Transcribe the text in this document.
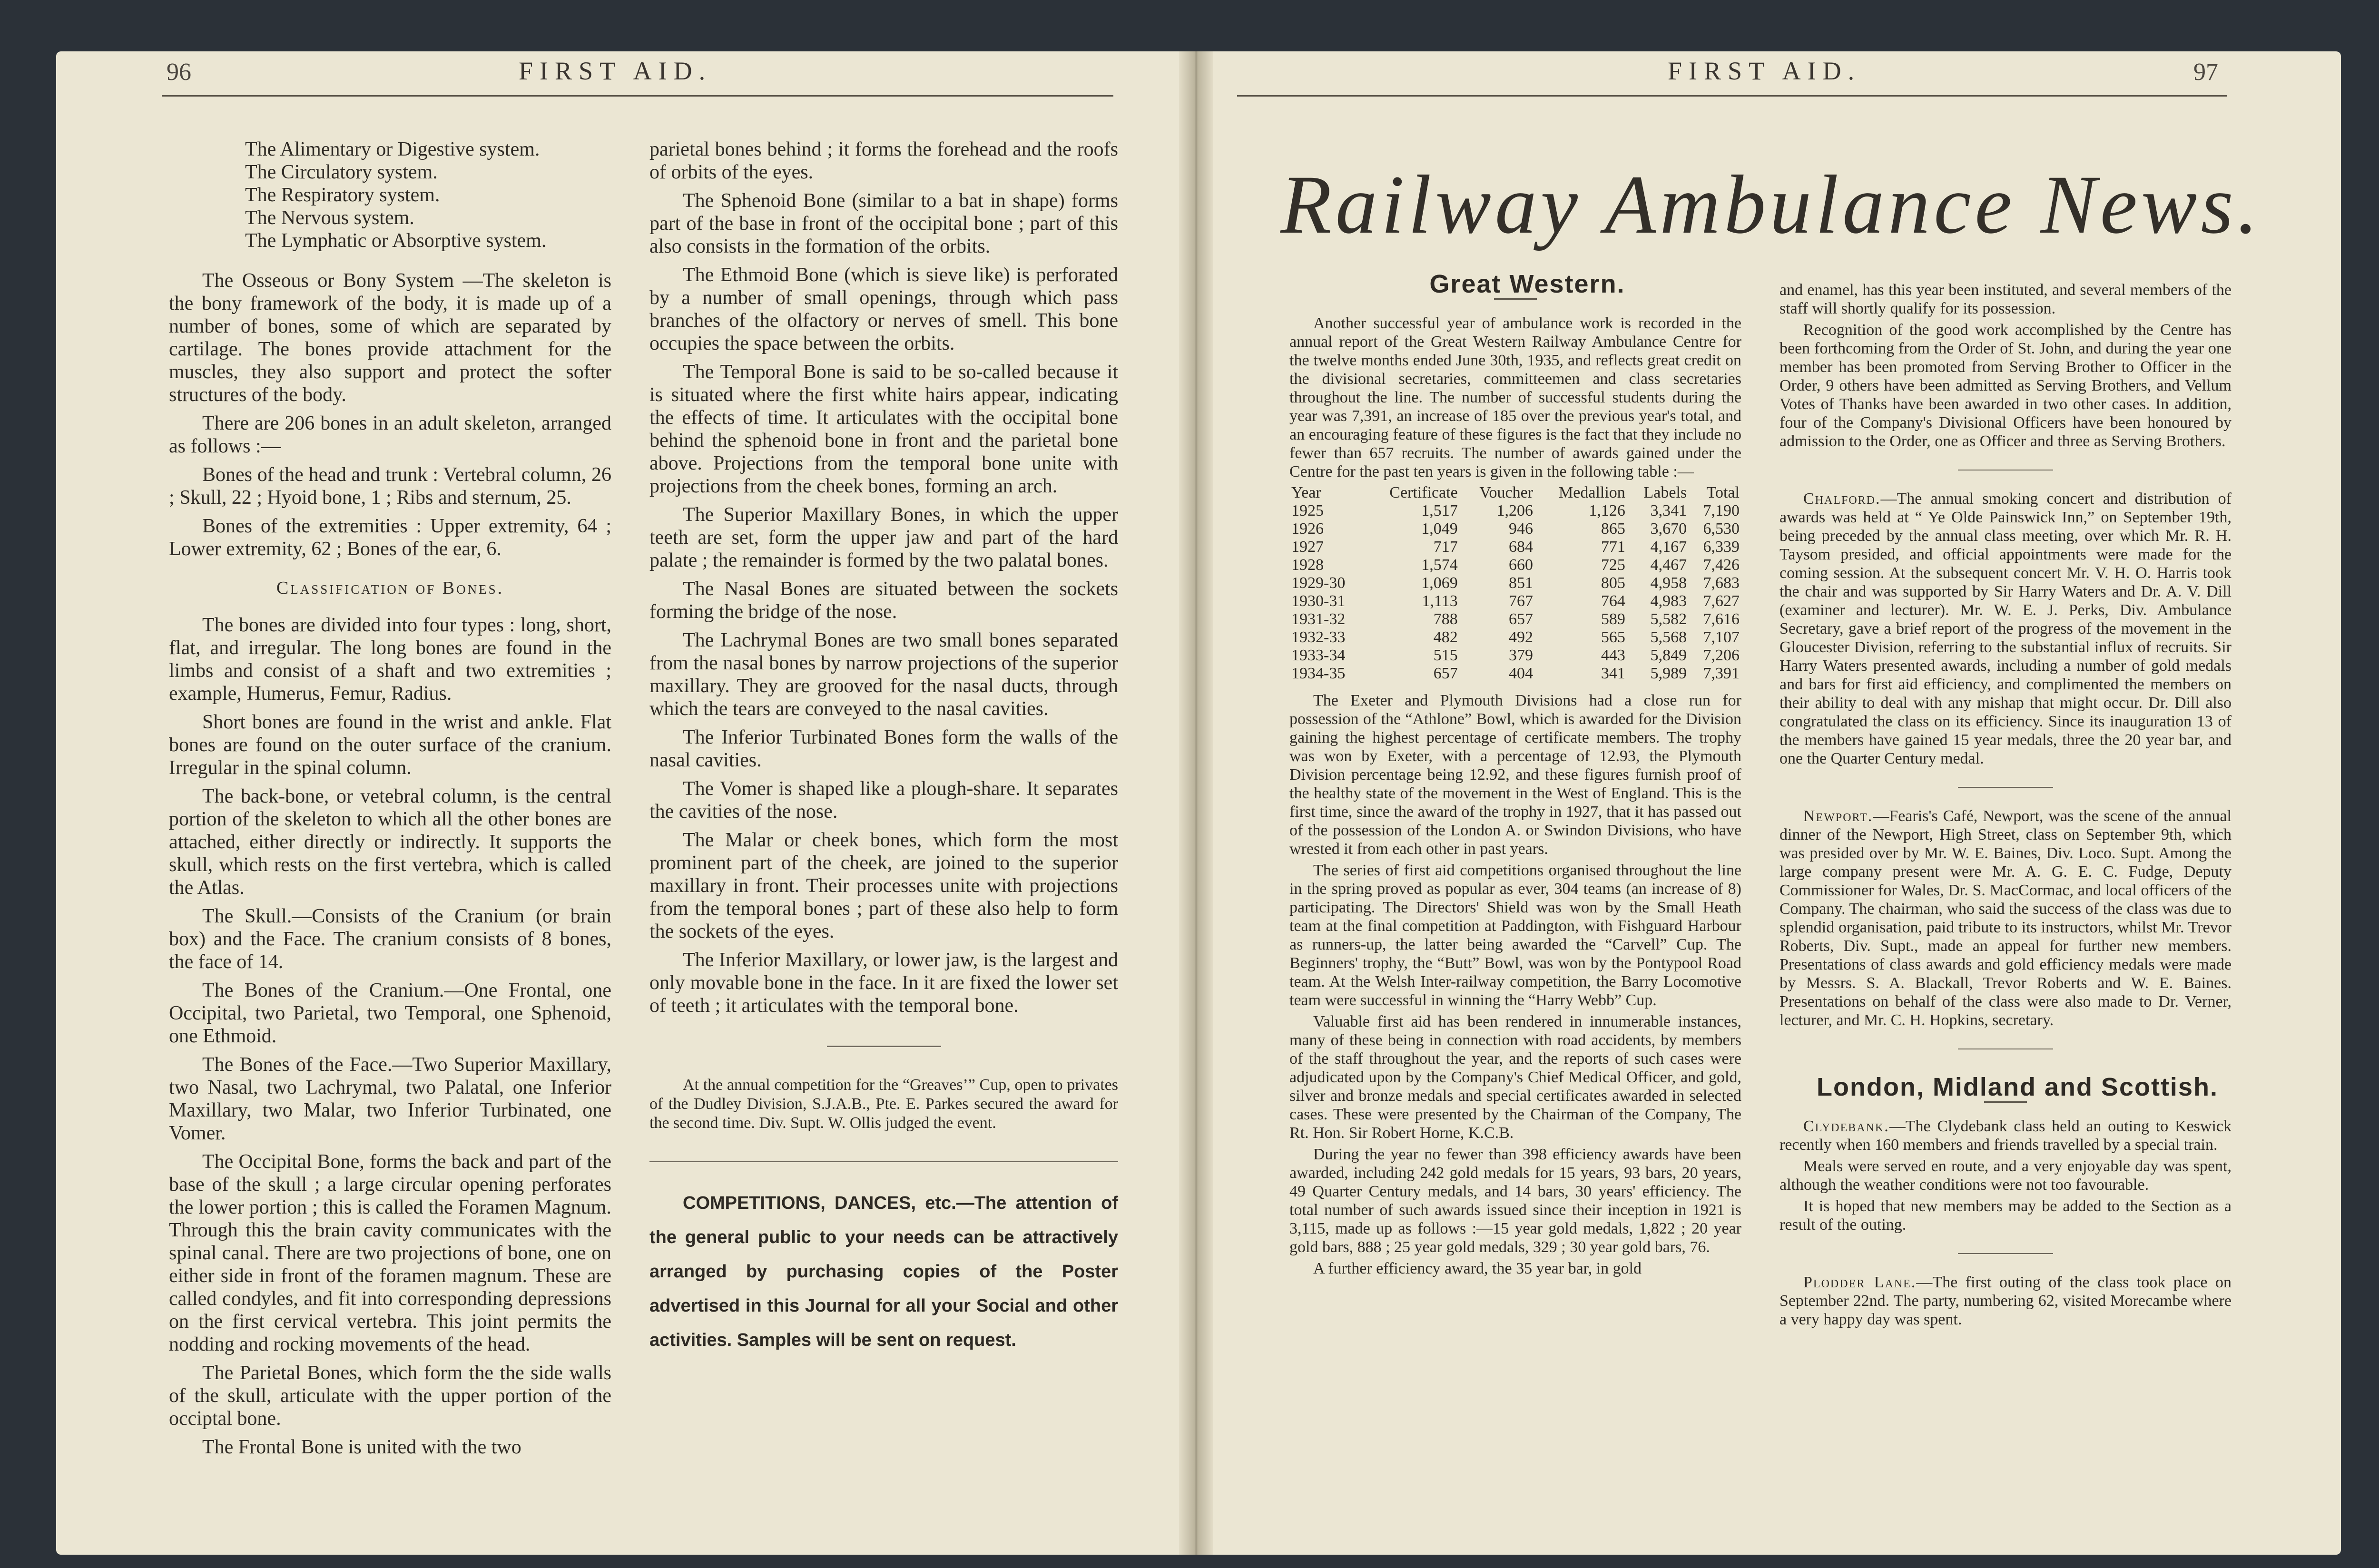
96	FIRST AID.

The Alimentary or Digestive system.

The Circulatory system.

The Respiratory system.

The Nervous system.

The Lymphatic or Absorptive system.

The Osseous or Bony System —The skeleton is the bony framework of the body, it is made up of a number of bones, some of which are separated by cartilage. The bones provide attachment for the muscles, they also support and protect the softer structures of the body.

There are 206 bones in an adult skeleton, arranged as follows :—

Bones of the head and trunk : Vertebral column, 26 ; Skull, 22 ; Hyoid bone, 1 ; Ribs and sternum, 25.

Bones of the extremities : Upper extremity, 64 ; Lower extremity, 62 ; Bones of the ear, 6.

Classification of Bones.

The bones are divided into four types : long, short, flat, and irregular. The long bones are found in the limbs and consist of a shaft and two extremities ; example, Humerus, Femur, Radius.

Short bones are found in the wrist and ankle. Flat bones are found on the outer surface of the cranium. Irregular in the spinal column.

The back-bone, or vetebral column, is the central portion of the skeleton to which all the other bones are attached, either directly or indirectly. It supports the skull, which rests on the first vertebra, which is called the Atlas.

The Skull.—Consists of the Cranium (or brain box) and the Face. The cranium consists of 8 bones, the face of 14.

The Bones of the Cranium.—One Frontal, one Occipital, two Parietal, two Temporal, one Sphenoid, one Ethmoid.

The Bones of the Face.—Two Superior Maxillary, two Nasal, two Lachrymal, two Palatal, one Inferior Maxillary, two Malar, two Inferior Turbinated, one Vomer.

The Occipital Bone, forms the back and part of the base of the skull ; a large circular opening perforates the lower portion ; this is called the Foramen Magnum. Through this the brain cavity communicates with the spinal canal. There are two projections of bone, one on either side in front of the foramen magnum. These are called condyles, and fit into corresponding depressions on the first cervical vertebra. This joint permits the nodding and rocking movements of the head.

The Parietal Bones, which form the the side walls of the skull, articulate with the upper portion of the occiptal bone.

The Frontal Bone is united with the two

parietal bones behind ; it forms the forehead and the roofs of orbits of the eyes.

The Sphenoid Bone (similar to a bat in shape) forms part of the base in front of the occipital bone ; part of this also consists in the formation of the orbits.

The Ethmoid Bone (which is sieve like) is perforated by a number of small openings, through which pass branches of the olfactory or nerves of smell. This bone occupies the space between the orbits.

The Temporal Bone is said to be so-called because it is situated where the first white hairs appear, indicating the effects of time. It articulates with the occipital bone behind the sphenoid bone in front and the parietal bone above. Projections from the temporal bone unite with projections from the cheek bones, forming an arch.

The Superior Maxillary Bones, in which the upper teeth are set, form the upper jaw and part of the hard palate ; the remainder is formed by the two palatal bones.

The Nasal Bones are situated between the sockets forming the bridge of the nose.

The Lachrymal Bones are two small bones separated from the nasal bones by narrow projections of the superior maxillary. They are grooved for the nasal ducts, through which the tears are conveyed to the nasal cavities.

The Inferior Turbinated Bones form the walls of the nasal cavities.

The Vomer is shaped like a plough-share. It separates the cavities of the nose.

The Malar or cheek bones, which form the most prominent part of the cheek, are joined to the superior maxillary in front. Their processes unite with projections from the temporal bones ; part of these also help to form the sockets of the eyes.

The Inferior Maxillary, or lower jaw, is the largest and only movable bone in the face. In it are fixed the lower set of teeth ; it articulates with the temporal bone.

At the annual competition for the “Greaves’” Cup, open to privates of the Dudley Division, S.J.A.B., Pte. E. Parkes secured the award for the second time. Div. Supt. W. Ollis judged the event.

COMPETITIONS, DANCES, etc.—The attention of the general public to your needs can be attractively arranged by purchasing copies of the Poster advertised in this Journal for all your Social and other activities. Samples will be sent on request.

FIRST AID.	97
Railway Ambulance News.

Great Western.

Another successful year of ambulance work is recorded in the annual report of the Great Western Railway Ambulance Centre for the twelve months ended June 30th, 1935, and reflects great credit on the divisional secretaries, committeemen and class secretaries throughout the line. The number of successful students during the year was 7,391, an increase of 185 over the previous year's total, and an encouraging feature of these figures is the fact that they include no fewer than 657 recruits. The number of awards gained under the Centre for the past ten years is given in the following table :—

Year	Certificate	Voucher	Medallion	Labels	Total
1925	1,517	1,206	1,126	3,341	7,190
1926	1,049	946	865	3,670	6,530
1927	717	684	771	4,167	6,339
1928	1,574	660	725	4,467	7,426
1929-30	1,069	851	805	4,958	7,683
1930-31	1,113	767	764	4,983	7,627
1931-32	788	657	589	5,582	7,616
1932-33	482	492	565	5,568	7,107
1933-34	515	379	443	5,849	7,206
1934-35	657	404	341	5,989	7,391

The Exeter and Plymouth Divisions had a close run for possession of the “Athlone” Bowl, which is awarded for the Division gaining the highest percentage of certificate members. The trophy was won by Exeter, with a percentage of 12.93, the Plymouth Division percentage being 12.92, and these figures furnish proof of the healthy state of the movement in the West of England. This is the first time, since the award of the trophy in 1927, that it has passed out of the possession of the London A. or Swindon Divisions, who have wrested it from each other in past years.

The series of first aid competitions organised throughout the line in the spring proved as popular as ever, 304 teams (an increase of 8) participating. The Directors' Shield was won by the Small Heath team at the final competition at Paddington, with Fishguard Harbour as runners-up, the latter being awarded the “Carvell” Cup. The Beginners' trophy, the “Butt” Bowl, was won by the Pontypool Road team. At the Welsh Inter-railway competition, the Barry Locomotive team were successful in winning the “Harry Webb” Cup.

Valuable first aid has been rendered in innumerable instances, many of these being in connection with road accidents, by members of the staff throughout the year, and the reports of such cases were adjudicated upon by the Company's Chief Medical Officer, and gold, silver and bronze medals and special certificates awarded in selected cases. These were presented by the Chairman of the Company, The Rt. Hon. Sir Robert Horne, K.C.B.

During the year no fewer than 398 efficiency awards have been awarded, including 242 gold medals for 15 years, 93 bars, 20 years, 49 Quarter Century medals, and 14 bars, 30 years' efficiency. The total number of such awards issued since their inception in 1921 is 3,115, made up as follows :—15 year gold medals, 1,822 ; 20 year gold bars, 888 ; 25 year gold medals, 329 ; 30 year gold bars, 76.

A further efficiency award, the 35 year bar, in gold

and enamel, has this year been instituted, and several members of the staff will shortly qualify for its possession.

Recognition of the good work accomplished by the Centre has been forthcoming from the Order of St. John, and during the year one member has been promoted from Serving Brother to Officer in the Order, 9 others have been admitted as Serving Brothers, and Vellum Votes of Thanks have been awarded in two other cases. In addition, four of the Company's Divisional Officers have been honoured by admission to the Order, one as Officer and three as Serving Brothers.

Chalford.—The annual smoking concert and distribution of awards was held at “ Ye Olde Painswick Inn,” on September 19th, being preceded by the annual class meeting, over which Mr. R. H. Taysom presided, and official appointments were made for the coming session. At the subsequent concert Mr. V. H. O. Harris took the chair and was supported by Sir Harry Waters and Dr. A. V. Dill (examiner and lecturer). Mr. W. E. J. Perks, Div. Ambulance Secretary, gave a brief report of the progress of the movement in the Gloucester Division, referring to the substantial influx of recruits. Sir Harry Waters presented awards, including a number of gold medals and bars for first aid efficiency, and complimented the members on their ability to deal with any mishap that might occur. Dr. Dill also congratulated the class on its efficiency. Since its inauguration 13 of the members have gained 15 year medals, three the 20 year bar, and one the Quarter Century medal.

Newport.—Fearis's Café, Newport, was the scene of the annual dinner of the Newport, High Street, class on September 9th, which was presided over by Mr. W. E. Baines, Div. Loco. Supt. Among the large company present were Mr. A. G. E. C. Fudge, Deputy Commissioner for Wales, Dr. S. MacCormac, and local officers of the Company. The chairman, who said the success of the class was due to splendid organisation, paid tribute to its instructors, whilst Mr. Trevor Roberts, Div. Supt., made an appeal for further new members. Presentations of class awards and gold efficiency medals were made by Messrs. S. A. Blackall, Trevor Roberts and W. E. Baines. Presentations on behalf of the class were also made to Dr. Verner, lecturer, and Mr. C. H. Hopkins, secretary.

London, Midland and Scottish.

Clydebank.—The Clydebank class held an outing to Keswick recently when 160 members and friends travelled by a special train.

Meals were served en route, and a very enjoyable day was spent, although the weather conditions were not too favourable.

It is hoped that new members may be added to the Section as a result of the outing.

Plodder Lane.—The first outing of the class took place on September 22nd. The party, numbering 62, visited Morecambe where a very happy day was spent.
